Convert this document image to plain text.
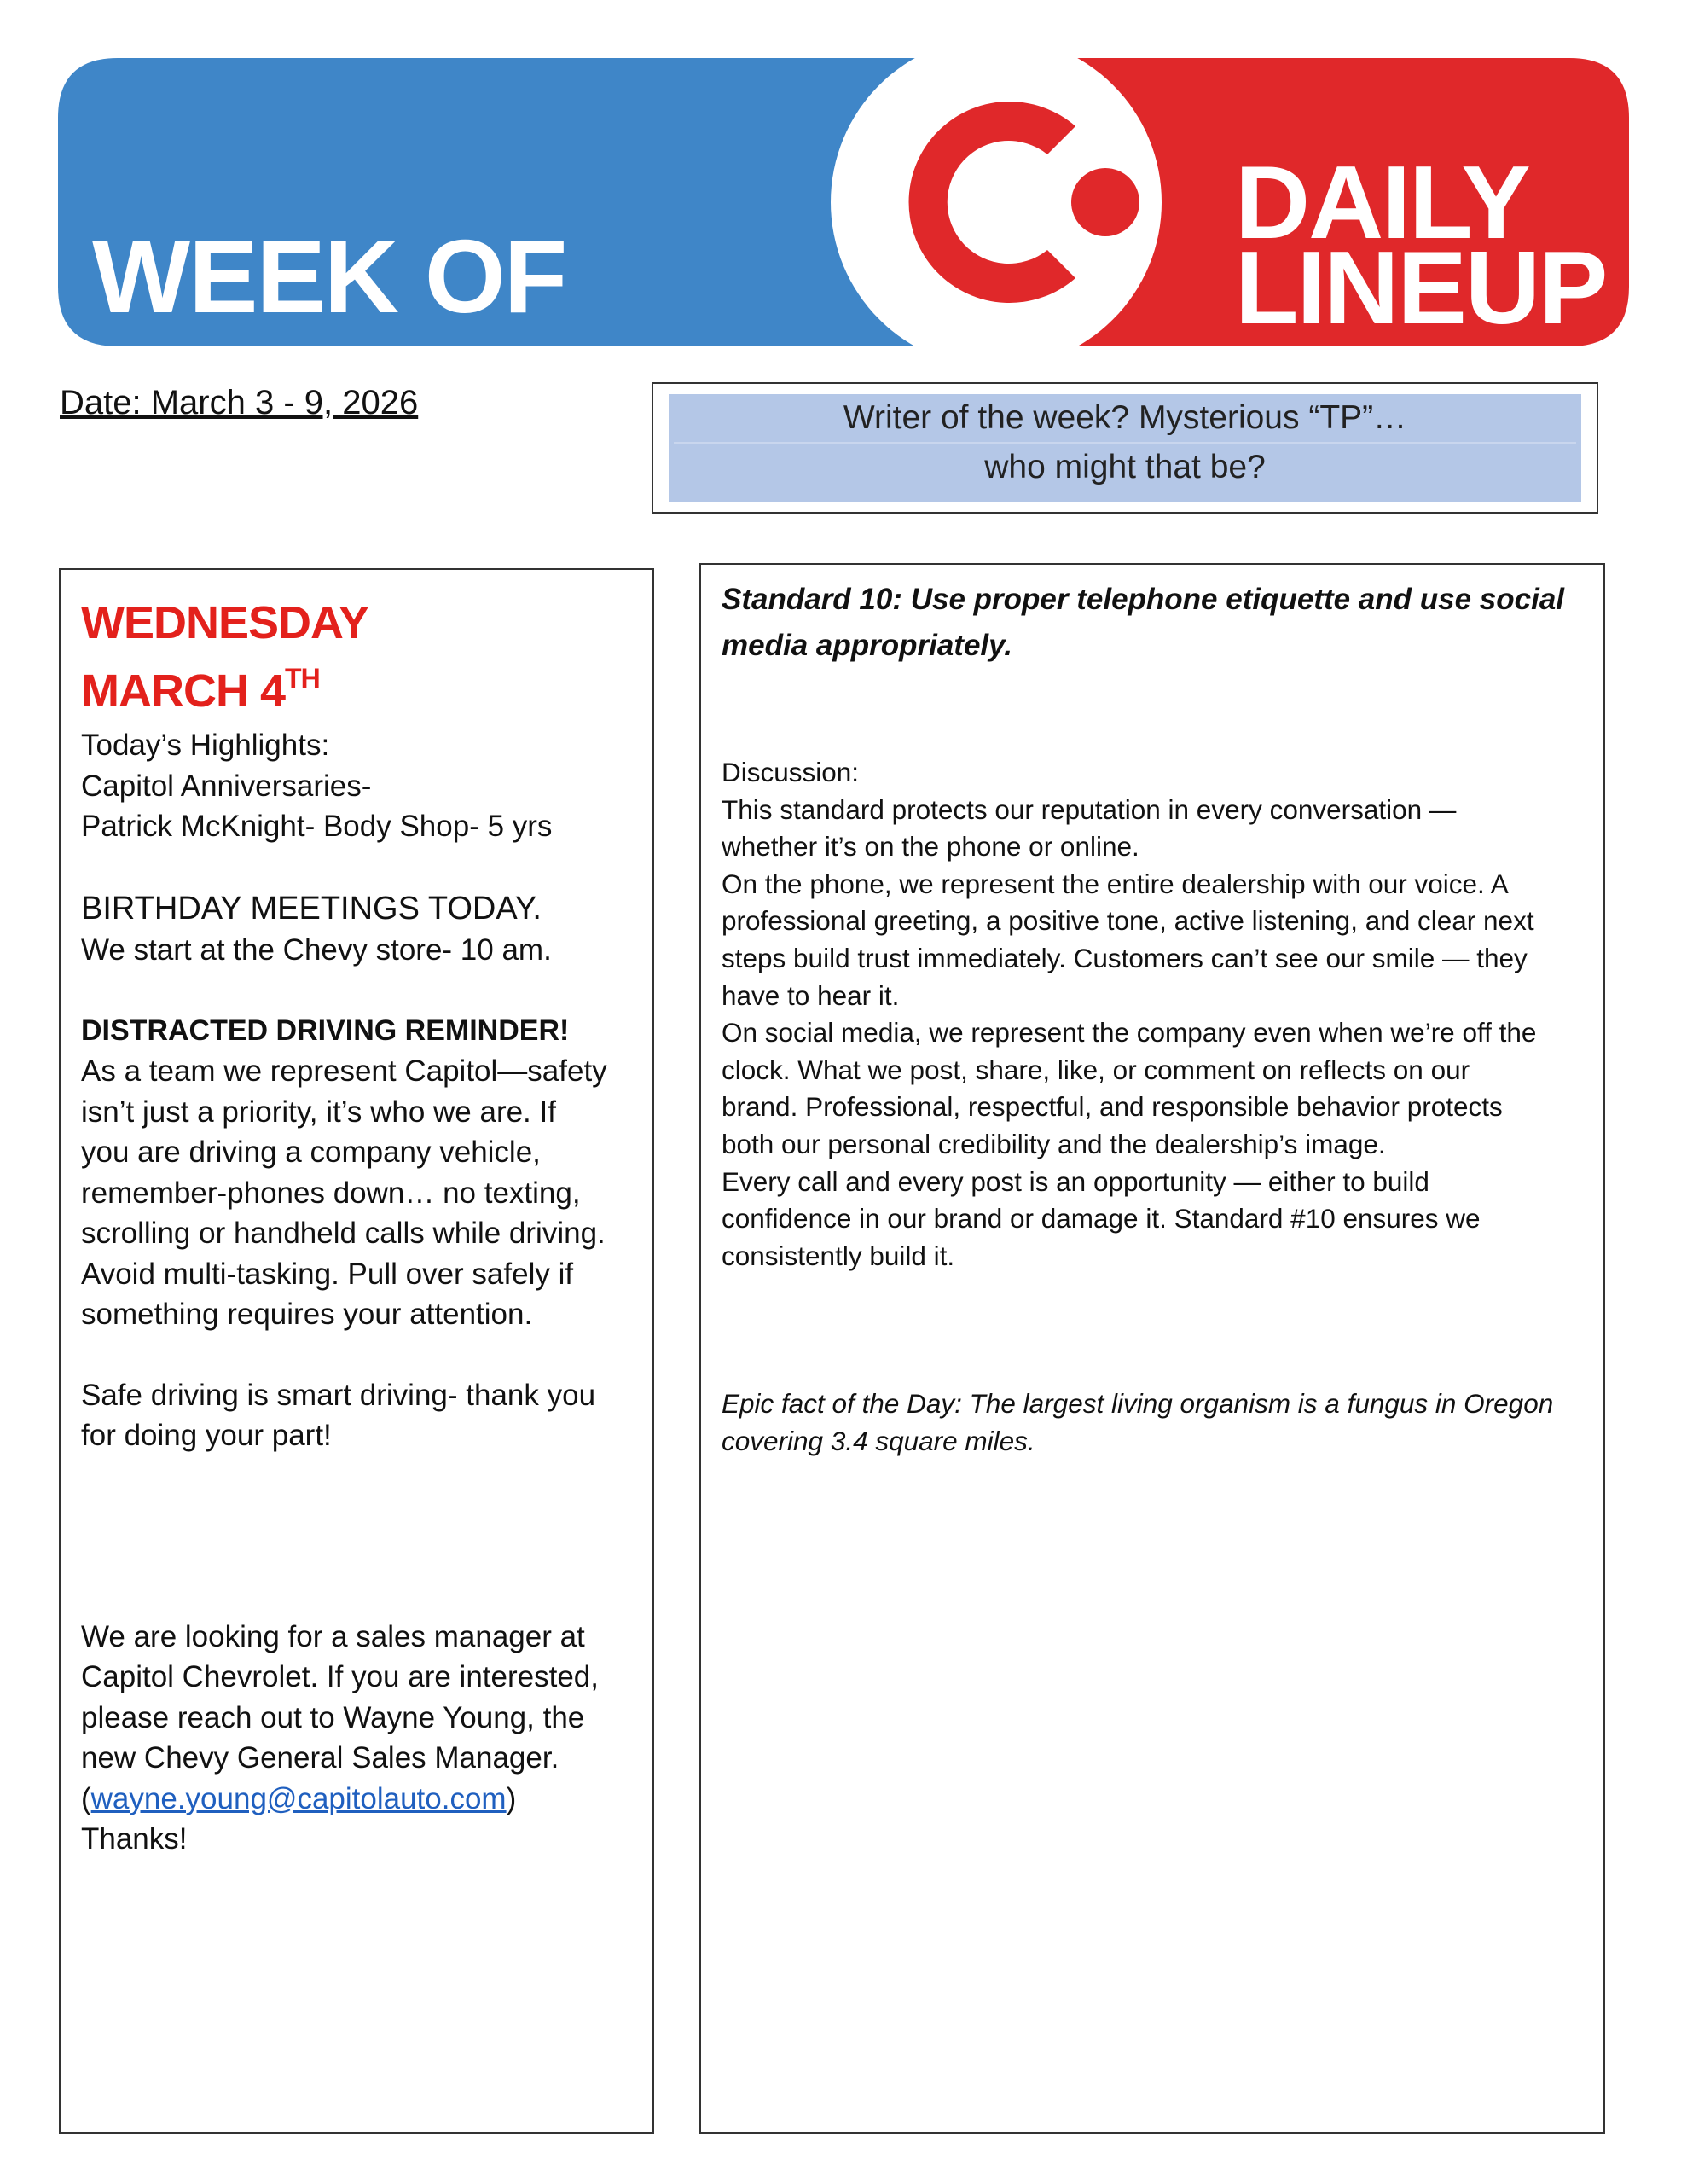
WEEK OF
DAILY
LINEUP
Date: March 3 - 9, 2026	Writer of the week? Mysterious “TP”…
who might that be?
WEDNESDAY
MARCH 4TH
Today’s Highlights:
Capitol Anniversaries-
Patrick McKnight- Body Shop- 5 yrs
BIRTHDAY MEETINGS TODAY.
We start at the Chevy store- 10 am.
DISTRACTED DRIVING REMINDER!
As a team we represent Capitol—safety
isn’t just a priority, it’s who we are. If
you are driving a company vehicle,
remember-phones down… no texting,
scrolling or handheld calls while driving.
Avoid multi-tasking. Pull over safely if
something requires your attention.
Safe driving is smart driving- thank you
for doing your part!
We are looking for a sales manager at
Capitol Chevrolet. If you are interested,
please reach out to Wayne Young, the
new Chevy General Sales Manager.
(wayne.young@capitolauto.com)
Thanks!
Standard 10: Use proper telephone etiquette and use social
media appropriately.
Discussion:
This standard protects our reputation in every conversation —
whether it’s on the phone or online.
On the phone, we represent the entire dealership with our voice. A
professional greeting, a positive tone, active listening, and clear next
steps build trust immediately. Customers can’t see our smile — they
have to hear it.
On social media, we represent the company even when we’re off the
clock. What we post, share, like, or comment on reflects on our
brand. Professional, respectful, and responsible behavior protects
both our personal credibility and the dealership’s image.
Every call and every post is an opportunity — either to build
confidence in our brand or damage it. Standard #10 ensures we
consistently build it.
Epic fact of the Day: The largest living organism is a fungus in Oregon
covering 3.4 square miles.
